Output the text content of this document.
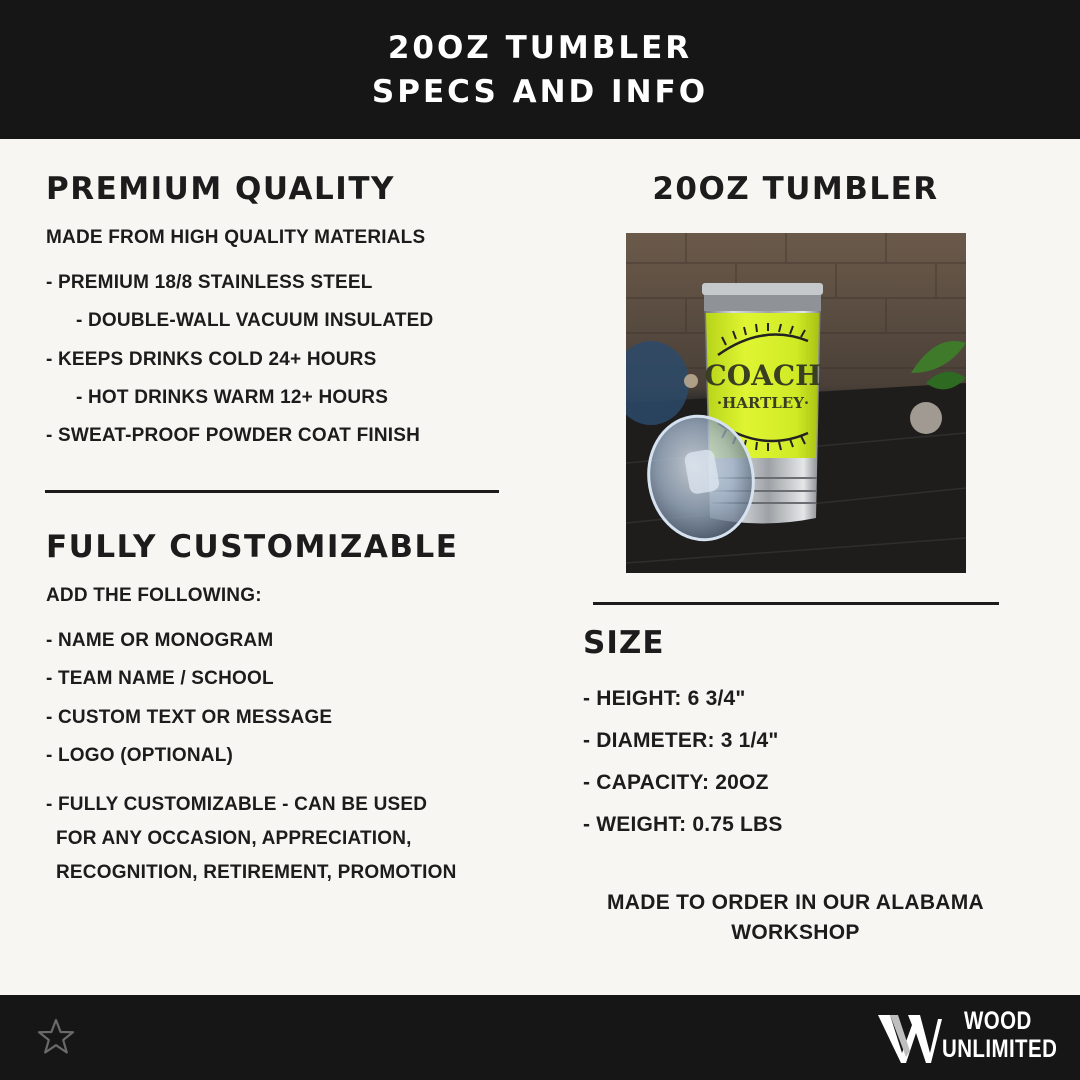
20OZ TUMBLER
SPECS AND INFO
PREMIUM QUALITY
MADE FROM HIGH QUALITY MATERIALS
- PREMIUM 18/8 STAINLESS STEEL
- DOUBLE-WALL VACUUM INSULATED
- KEEPS DRINKS COLD 24+ HOURS
- HOT DRINKS WARM 12+ HOURS
- SWEAT-PROOF POWDER COAT FINISH
FULLY CUSTOMIZABLE
ADD THE FOLLOWING:
- NAME OR MONOGRAM
- TEAM NAME / SCHOOL
- CUSTOM TEXT OR MESSAGE
- LOGO (OPTIONAL)
- FULLY CUSTOMIZABLE - CAN BE USED
FOR ANY OCCASION, APPRECIATION,
RECOGNITION, RETIREMENT, PROMOTION
20OZ TUMBLER
COACH
·HARTLEY·
SIZE
- HEIGHT: 6 3/4"
- DIAMETER: 3 1/4"
- CAPACITY: 20OZ
- WEIGHT: 0.75 LBS
MADE TO ORDER IN OUR ALABAMA
WORKSHOP
WOOD
UNLIMITED
